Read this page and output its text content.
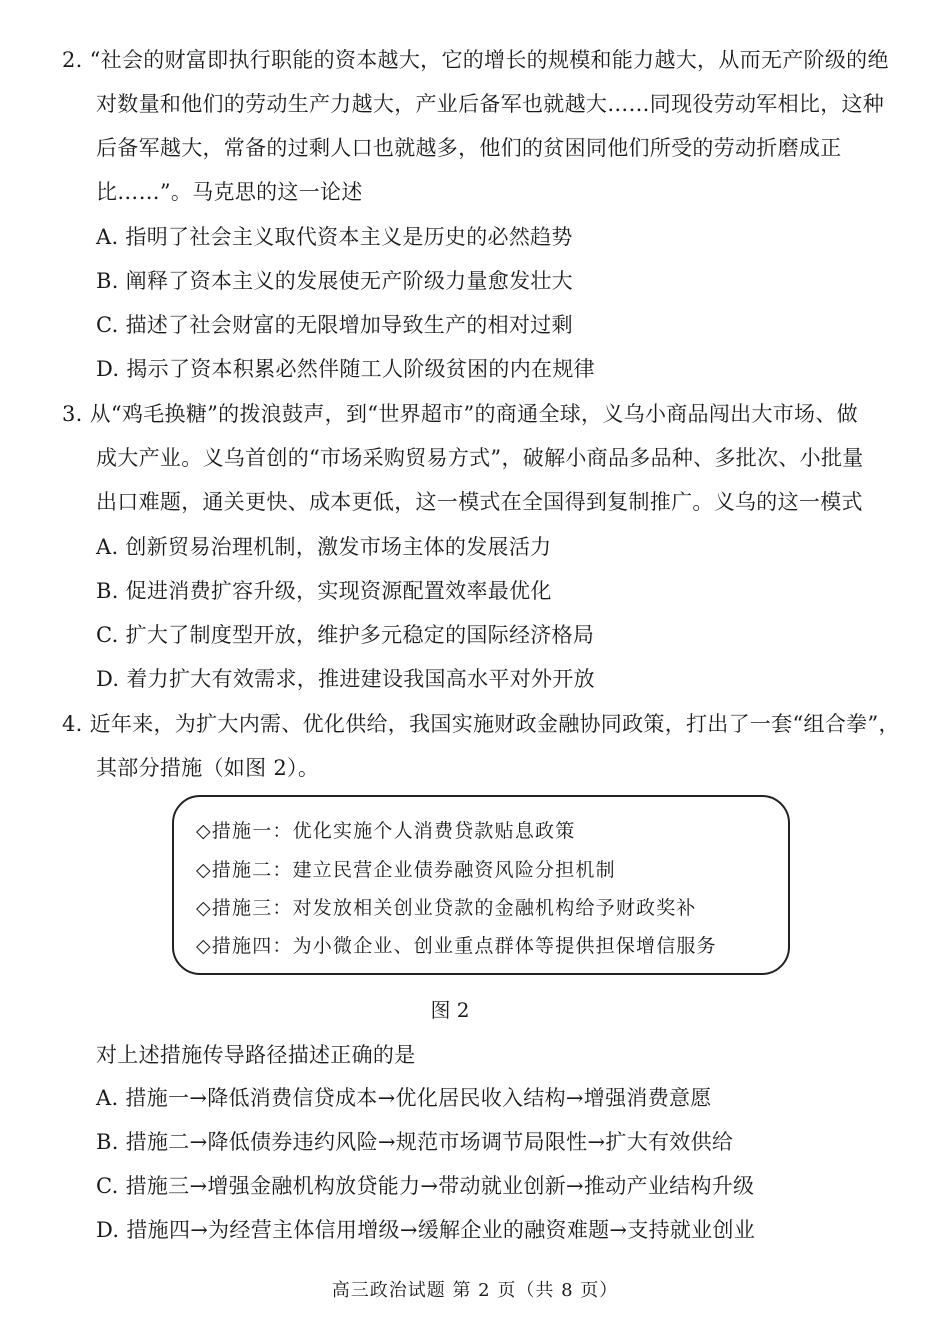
2. “社会的财富即执行职能的资本越大，它的增长的规模和能力越大，从而无产阶级的绝
对数量和他们的劳动生产力越大，产业后备军也就越大……同现役劳动军相比，这种
后备军越大，常备的过剩人口也就越多，他们的贫困同他们所受的劳动折磨成正
比……”。马克思的这一论述
A. 指明了社会主义取代资本主义是历史的必然趋势
B. 阐释了资本主义的发展使无产阶级力量愈发壮大
C. 描述了社会财富的无限增加导致生产的相对过剩
D. 揭示了资本积累必然伴随工人阶级贫困的内在规律
3. 从“鸡毛换糖”的拨浪鼓声，到“世界超市”的商通全球，义乌小商品闯出大市场、做
成大产业。义乌首创的“市场采购贸易方式”，破解小商品多品种、多批次、小批量
出口难题，通关更快、成本更低，这一模式在全国得到复制推广。义乌的这一模式
A. 创新贸易治理机制，激发市场主体的发展活力
B. 促进消费扩容升级，实现资源配置效率最优化
C. 扩大了制度型开放，维护多元稳定的国际经济格局
D. 着力扩大有效需求，推进建设我国高水平对外开放
4. 近年来，为扩大内需、优化供给，我国实施财政金融协同政策，打出了一套“组合拳”，
其部分措施（如图 2）。
◇措施一：优化实施个人消费贷款贴息政策
◇措施二：建立民营企业债券融资风险分担机制
◇措施三：对发放相关创业贷款的金融机构给予财政奖补
◇措施四：为小微企业、创业重点群体等提供担保增信服务
图 2
对上述措施传导路径描述正确的是
A. 措施一→降低消费信贷成本→优化居民收入结构→增强消费意愿
B. 措施二→降低债券违约风险→规范市场调节局限性→扩大有效供给
C. 措施三→增强金融机构放贷能力→带动就业创新→推动产业结构升级
D. 措施四→为经营主体信用增级→缓解企业的融资难题→支持就业创业
高三政治试题 第 2 页（共 8 页）
